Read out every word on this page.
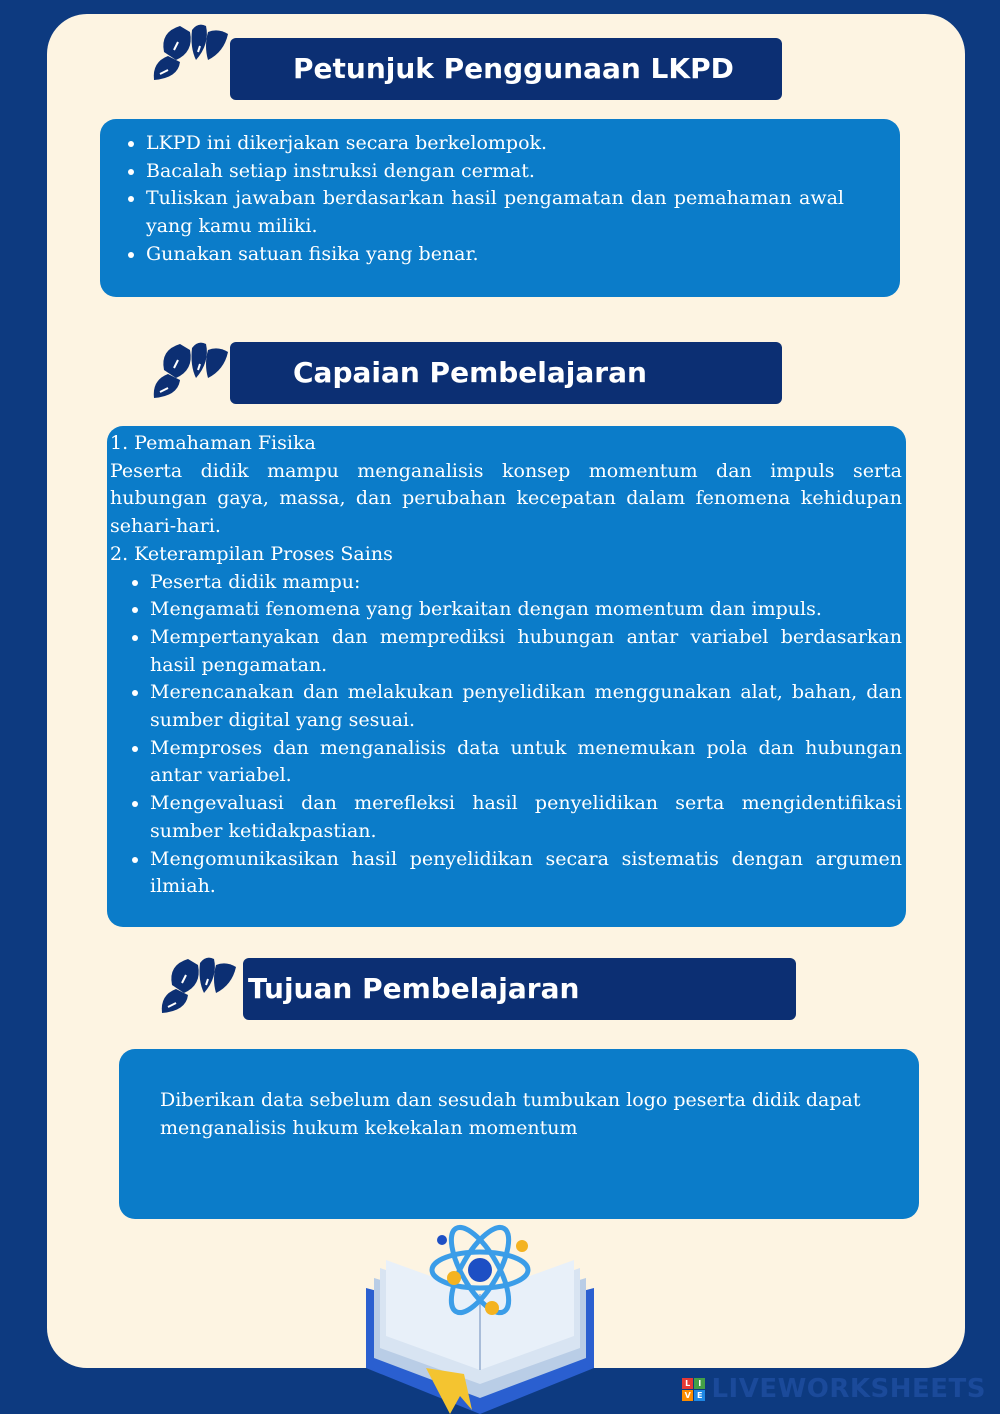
Petunjuk Penggunaan LKPD
• LKPD ini dikerjakan secara berkelompok.
• Bacalah setiap instruksi dengan cermat.
• Tuliskan jawaban berdasarkan hasil pengamatan dan pemahaman awal yang kamu miliki.
• Gunakan satuan fisika yang benar.
Capaian Pembelajaran

1. Pemahaman Fisika

Peserta didik mampu menganalisis konsep momentum dan impuls serta hubungan gaya, massa, dan perubahan kecepatan dalam fenomena kehidupan sehari-hari.

2. Keterampilan Proses Sains

• Peserta didik mampu:
• Mengamati fenomena yang berkaitan dengan momentum dan impuls.
• Mempertanyakan dan memprediksi hubungan antar variabel berdasarkan hasil pengamatan.
• Merencanakan dan melakukan penyelidikan menggunakan alat, bahan, dan sumber digital yang sesuai.
• Memproses dan menganalisis data untuk menemukan pola dan hubungan antar variabel.
• Mengevaluasi dan merefleksi hasil penyelidikan serta mengidentifikasi sumber ketidakpastian.
• Mengomunikasikan hasil penyelidikan secara sistematis dengan argumen ilmiah.
Tujuan Pembelajaran

Diberikan data sebelum dan sesudah tumbukan logo peserta didik dapat menganalisis hukum kekekalan momentum

L I
V E LIVEWORKSHEETS
